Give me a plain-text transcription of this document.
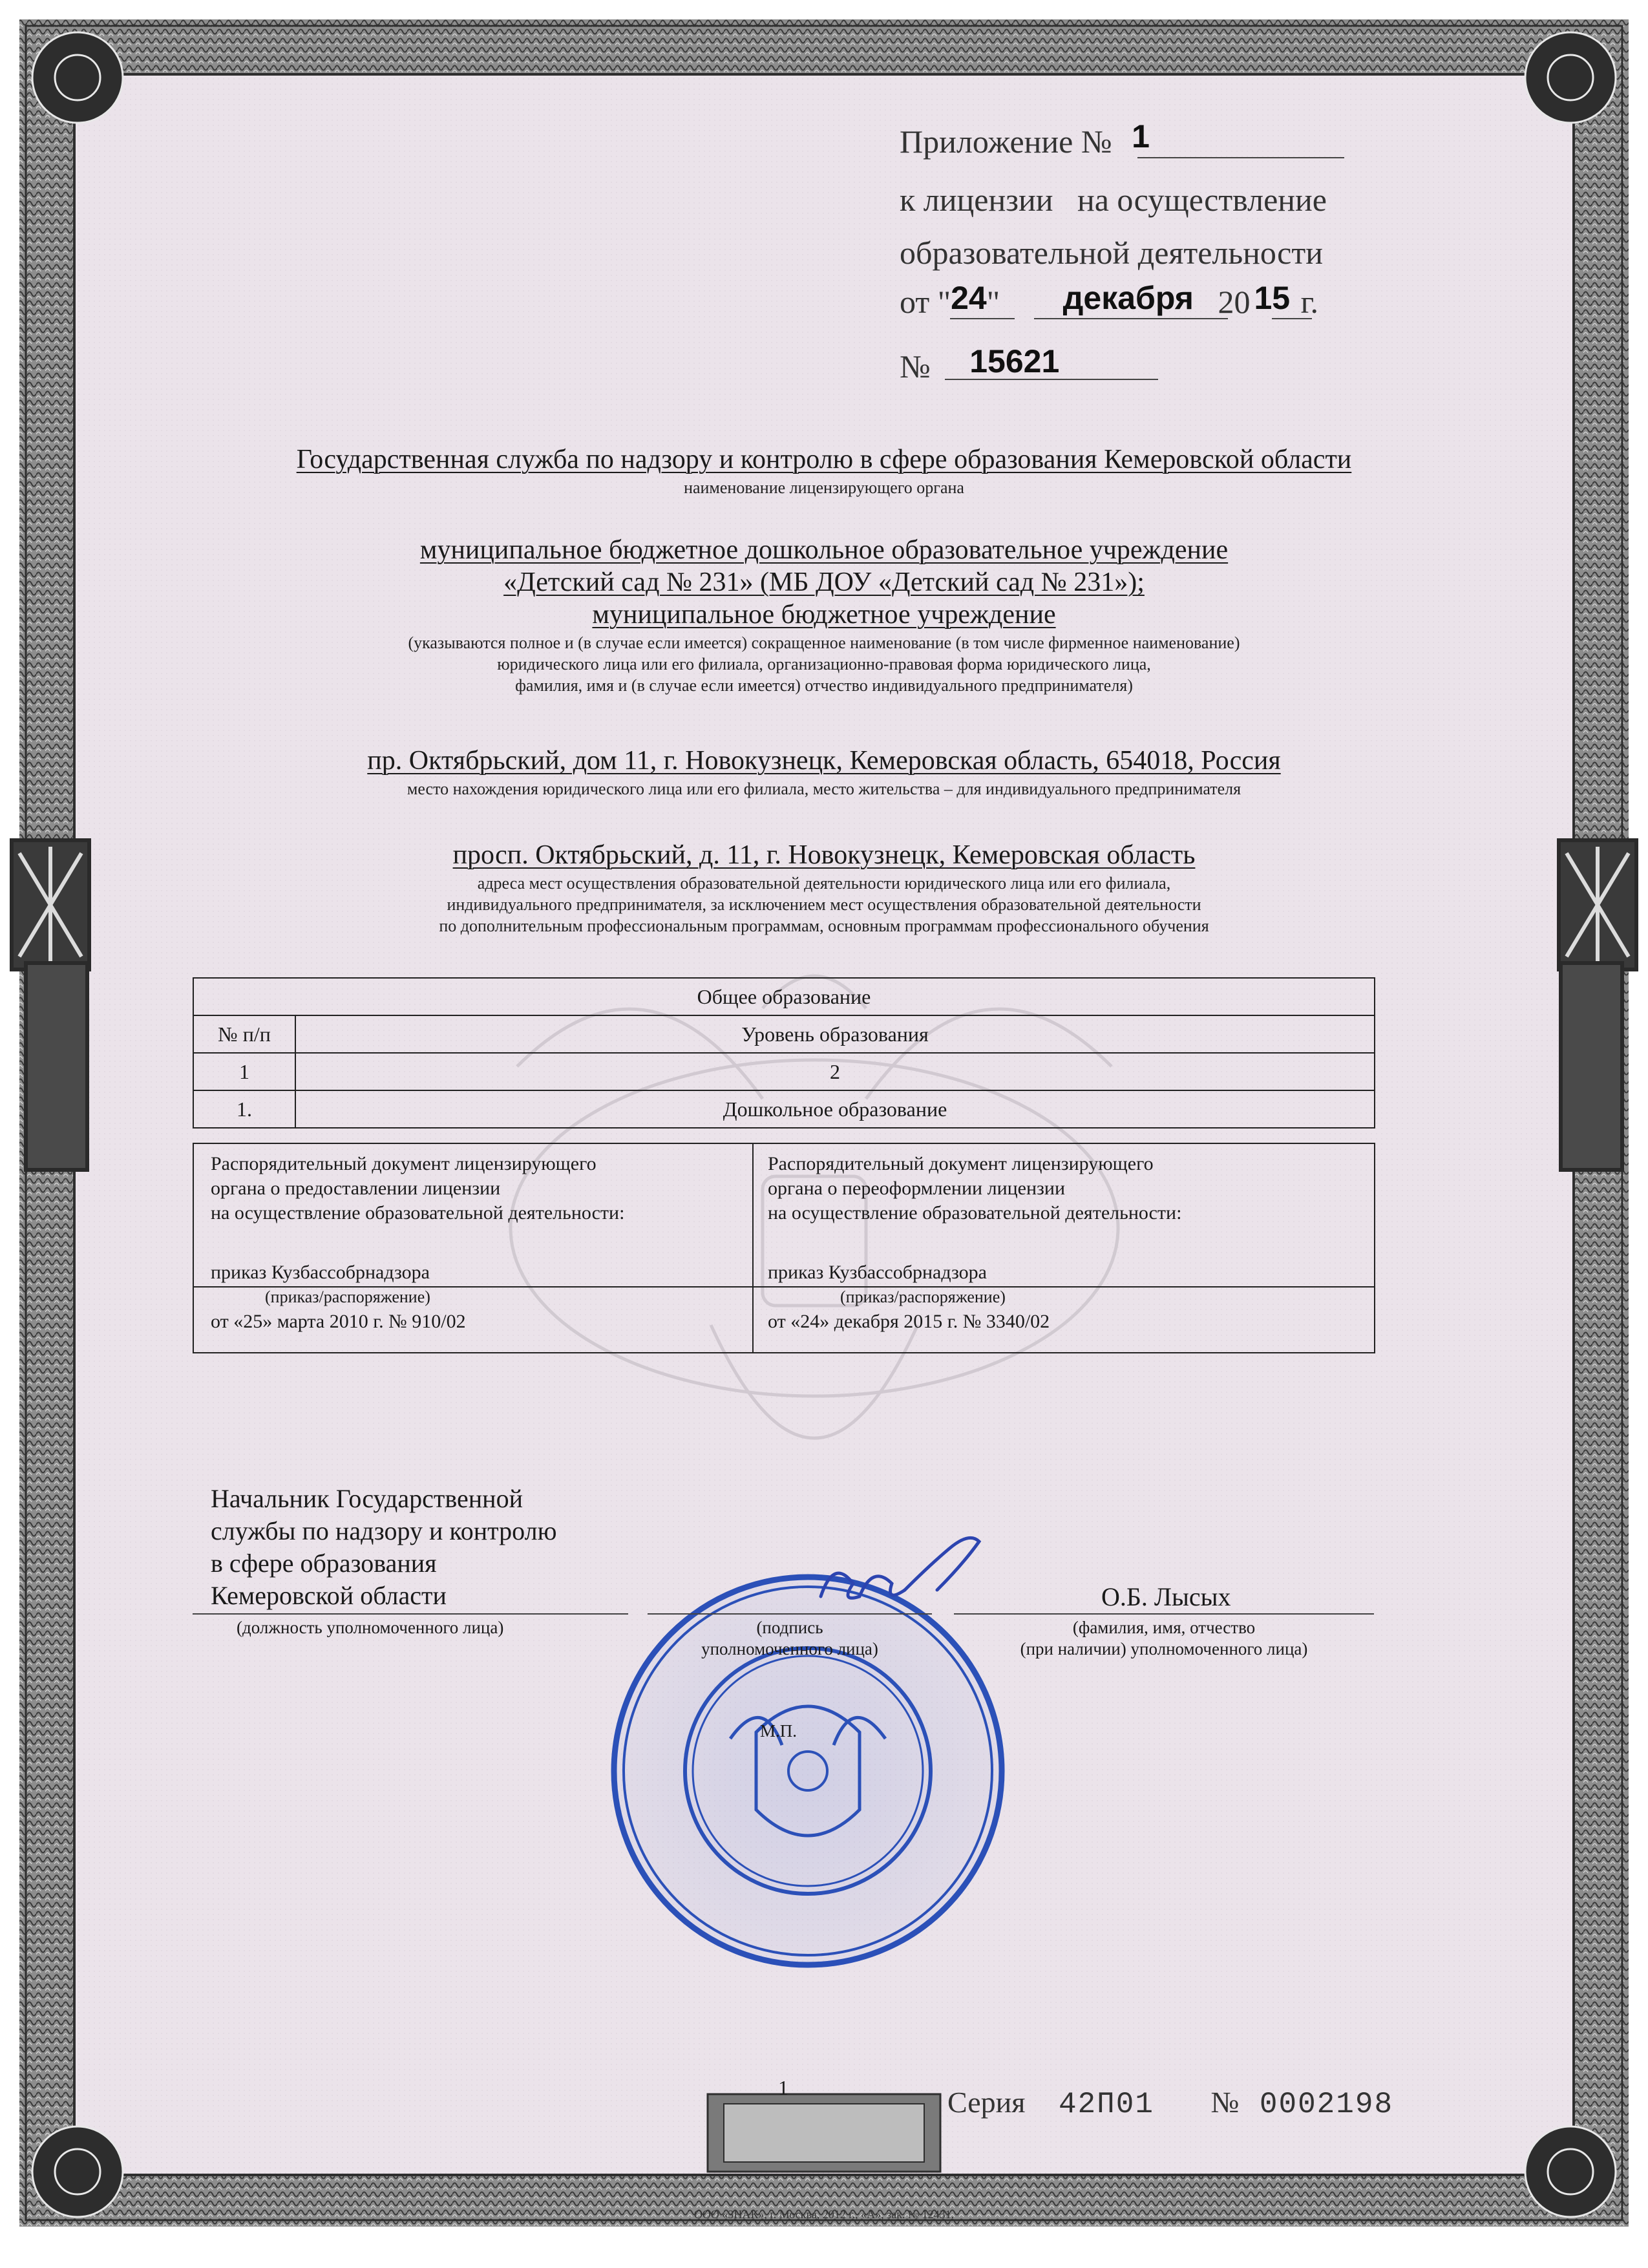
Приложение № 1
к лицензии   на осуществление
образовательной деятельности
от "24" декабря 20 15 г.
№ 15621
Государственная служба по надзору и контролю в сфере образования Кемеровской области
наименование лицензирующего органа
муниципальное бюджетное дошкольное образовательное учреждение
«Детский сад № 231» (МБ ДОУ «Детский сад № 231»);
муниципальное бюджетное учреждение
(указываются полное и (в случае если имеется) сокращенное наименование (в том числе фирменное наименование)
юридического лица или его филиала, организационно-правовая форма юридического лица,
фамилия, имя и (в случае если имеется) отчество индивидуального предпринимателя)
пр. Октябрьский, дом 11, г. Новокузнецк, Кемеровская область, 654018, Россия
место нахождения юридического лица или его филиала, место жительства – для индивидуального предпринимателя
просп. Октябрьский, д. 11, г. Новокузнецк, Кемеровская область
адреса мест осуществления образовательной деятельности юридического лица или его филиала,
индивидуального предпринимателя, за исключением мест осуществления образовательной деятельности
по дополнительным профессиональным программам, основным программам профессионального обучения
Общее образование	
№ п/п	Уровень образования
1	2
1.	Дошкольное образование
Распорядительный документ лицензирующего
органа о предоставлении лицензии
на осуществление образовательной деятельности:
приказ Кузбассобрнадзора
(приказ/распоряжение)
от «25» марта 2010 г. № 910/02
Распорядительный документ лицензирующего
органа о переоформлении лицензии
на осуществление образовательной деятельности:
приказ Кузбассобрнадзора
(приказ/распоряжение)
от «24» декабря 2015 г. № 3340/02
Начальник Государственной
службы по надзору и контролю
в сфере образования
Кемеровской области
(должность уполномоченного лица)	(подпись
уполномоченного лица)
О.Б. Лысых
(фамилия, имя, отчество
(при наличии) уполномоченного лица)
М.П.
Серия 42П01 № 0002198
1
ООО «ЗНАК», г. Москва, 2012 г., «А», зак. № 12431.
